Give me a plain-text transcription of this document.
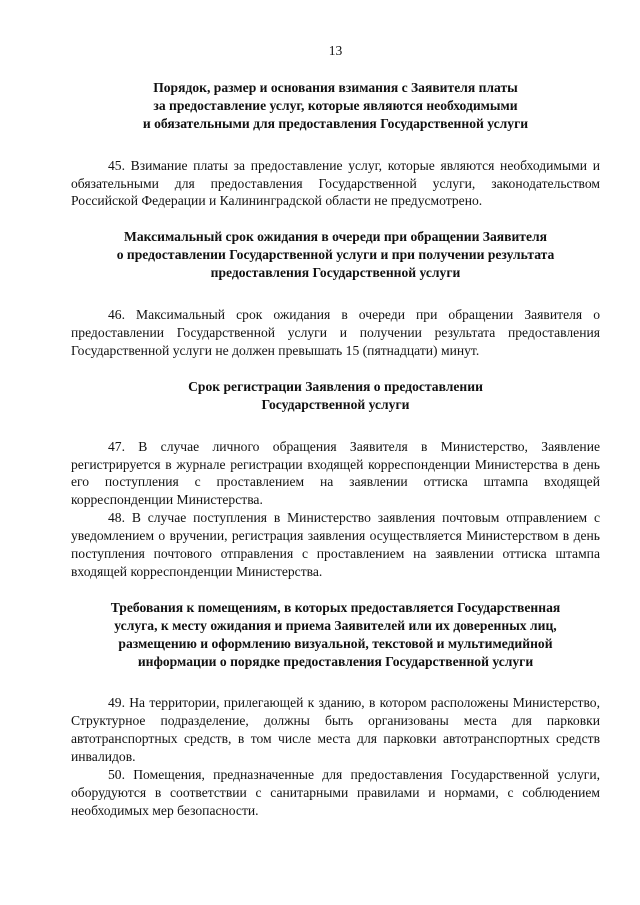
13
Порядок, размер и основания взимания с Заявителя платы
за предоставление услуг, которые являются необходимыми
и обязательными для предоставления Государственной услуги

45. Взимание платы за предоставление услуг, которые являются необходимыми и обязательными для предоставления Государственной услуги, законодательством Российской Федерации и Калининградской области не предусмотрено.

Максимальный срок ожидания в очереди при обращении Заявителя
о предоставлении Государственной услуги и при получении результата
предоставления Государственной услуги

46. Максимальный срок ожидания в очереди при обращении Заявителя о предоставлении Государственной услуги и получении результата предоставления Государственной услуги не должен превышать 15 (пятнадцати) минут.

Срок регистрации Заявления о предоставлении
Государственной услуги

47. В случае личного обращения Заявителя в Министерство, Заявление регистрируется в журнале регистрации входящей корреспонденции Министерства в день его поступления с проставлением на заявлении оттиска штампа входящей корреспонденции Министерства.

48. В случае поступления в Министерство заявления почтовым отправлением с уведомлением о вручении, регистрация заявления осуществляется Министерством в день поступления почтового отправления с проставлением на заявлении оттиска штампа входящей корреспонденции Министерства.

Требования к помещениям, в которых предоставляется Государственная
услуга, к месту ожидания и приема Заявителей или их доверенных лиц,
размещению и оформлению визуальной, текстовой и мультимедийной
информации о порядке предоставления Государственной услуги

49. На территории, прилегающей к зданию, в котором расположены Министерство, Структурное подразделение, должны быть организованы места для парковки автотранспортных средств, в том числе места для парковки автотранспортных средств инвалидов.

50. Помещения, предназначенные для предоставления Государственной услуги, оборудуются в соответствии с санитарными правилами и нормами, с соблюдением необходимых мер безопасности.
